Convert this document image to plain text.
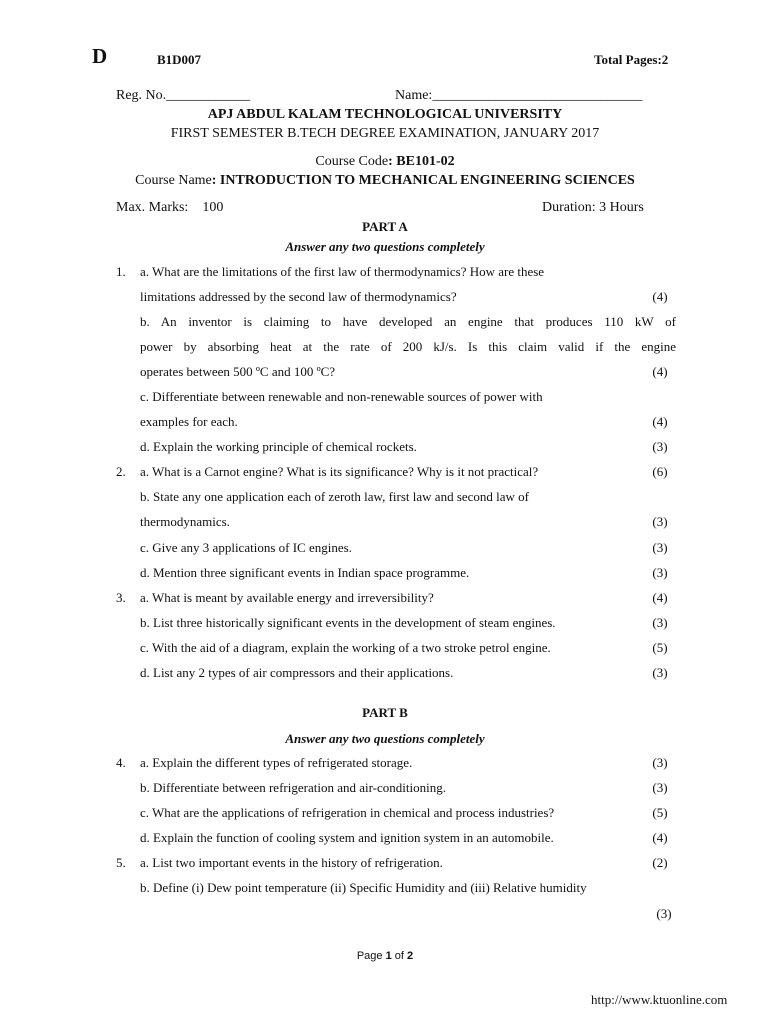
D	B1D007	Total Pages:2
Reg. No.____________	Name:______________________________
APJ ABDUL KALAM TECHNOLOGICAL UNIVERSITY
FIRST SEMESTER B.TECH DEGREE EXAMINATION, JANUARY 2017
Course Code: BE101-02
Course Name: INTRODUCTION TO MECHANICAL ENGINEERING SCIENCES
Max. Marks:    100	Duration: 3 Hours
PART A
Answer any two questions completely
1.	a. What are the limitations of the first law of thermodynamics? How are these
limitations addressed by the second law of thermodynamics?	(4)
b. An inventor is claiming to have developed an engine that produces 110 kW of
power by absorbing heat at the rate of 200 kJ/s. Is this claim valid if the engine
operates between 500 ºC and 100 ºC?	(4)
c. Differentiate between renewable and non-renewable sources of power with
examples for each.	(4)
d. Explain the working principle of chemical rockets.	(3)
2.	a. What is a Carnot engine? What is its significance? Why is it not practical?	(6)
b. State any one application each of zeroth law, first law and second law of
thermodynamics.	(3)
c. Give any 3 applications of IC engines.	(3)
d. Mention three significant events in Indian space programme.	(3)
3.	a. What is meant by available energy and irreversibility?	(4)
b. List three historically significant events in the development of steam engines.	(3)
c. With the aid of a diagram, explain the working of a two stroke petrol engine.	(5)
d. List any 2 types of air compressors and their applications.	(3)
PART B
Answer any two questions completely
4.	a. Explain the different types of refrigerated storage.	(3)
b. Differentiate between refrigeration and air-conditioning.	(3)
c. What are the applications of refrigeration in chemical and process industries?	(5)
d. Explain the function of cooling system and ignition system in an automobile.	(4)
5.	a. List two important events in the history of refrigeration.	(2)
b. Define (i) Dew point temperature (ii) Specific Humidity and (iii) Relative humidity
(3)
Page 1 of 2
http://www.ktuonline.com
